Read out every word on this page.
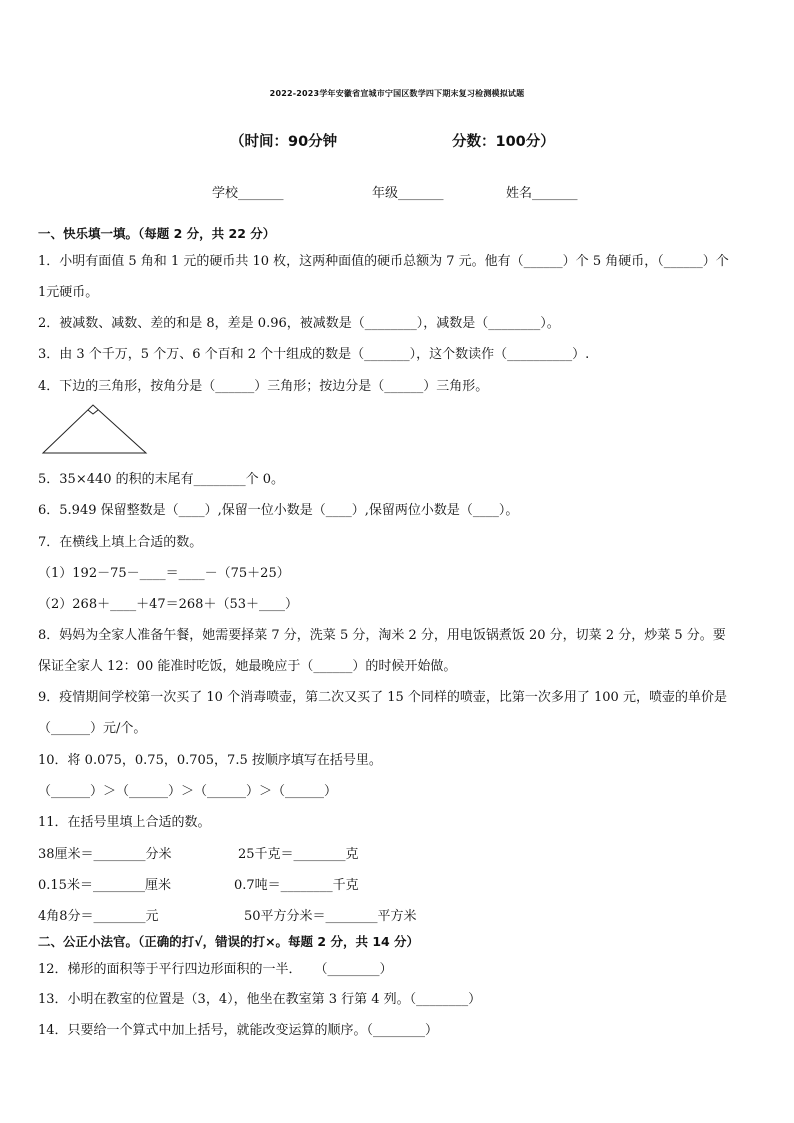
2022-2023学年安徽省宣城市宁国区数学四下期末复习检测模拟试题
（时间：90分钟	分数：100分）
学校_______	年级_______	姓名_______
一、快乐填一填。（每题 2 分，共 22 分）
1．小明有面值 5 角和 1 元的硬币共 10 枚，这两种面值的硬币总额为 7 元。他有（______）个 5 角硬币，（______）个
1元硬币。
2．被减数、减数、差的和是 8，差是 0.96，被减数是（________），减数是（________）。
3．由 3 个千万，5 个万、6 个百和 2 个十组成的数是（_______），这个数读作（__________）.
4．下边的三角形，按角分是（______）三角形；按边分是（______）三角形。
5．35×440 的积的末尾有________个 0。
6．5.949 保留整数是（____）,保留一位小数是（____）,保留两位小数是（____）。
7．在横线上填上合适的数。
（1）192－75－____＝____－（75＋25）
（2）268＋____＋47＝268＋（53＋____）
8．妈妈为全家人准备午餐，她需要择菜 7 分，洗菜 5 分，淘米 2 分，用电饭锅煮饭 20 分，切菜 2 分，炒菜 5 分。要
保证全家人 12：00 能准时吃饭，她最晚应于（______）的时候开始做。
9．疫情期间学校第一次买了 10 个消毒喷壶，第二次又买了 15 个同样的喷壶，比第一次多用了 100 元，喷壶的单价是
（______）元/个。
10．将 0.075，0.75，0.705，7.5 按顺序填写在括号里。
（______）＞（______）＞（______）＞（______）
11．在括号里填上合适的数。
38厘米＝________分米	25千克＝________克
0.15米＝________厘米	0.7吨＝________千克
4角8分＝________元	50平方分米＝________平方米
二、公正小法官。（正确的打√，错误的打×。每题 2 分，共 14 分）
12．梯形的面积等于平行四边形面积的一半．　　（________）
13．小明在教室的位置是（3，4），他坐在教室第 3 行第 4 列。（________）
14．只要给一个算式中加上括号，就能改变运算的顺序。（________）
